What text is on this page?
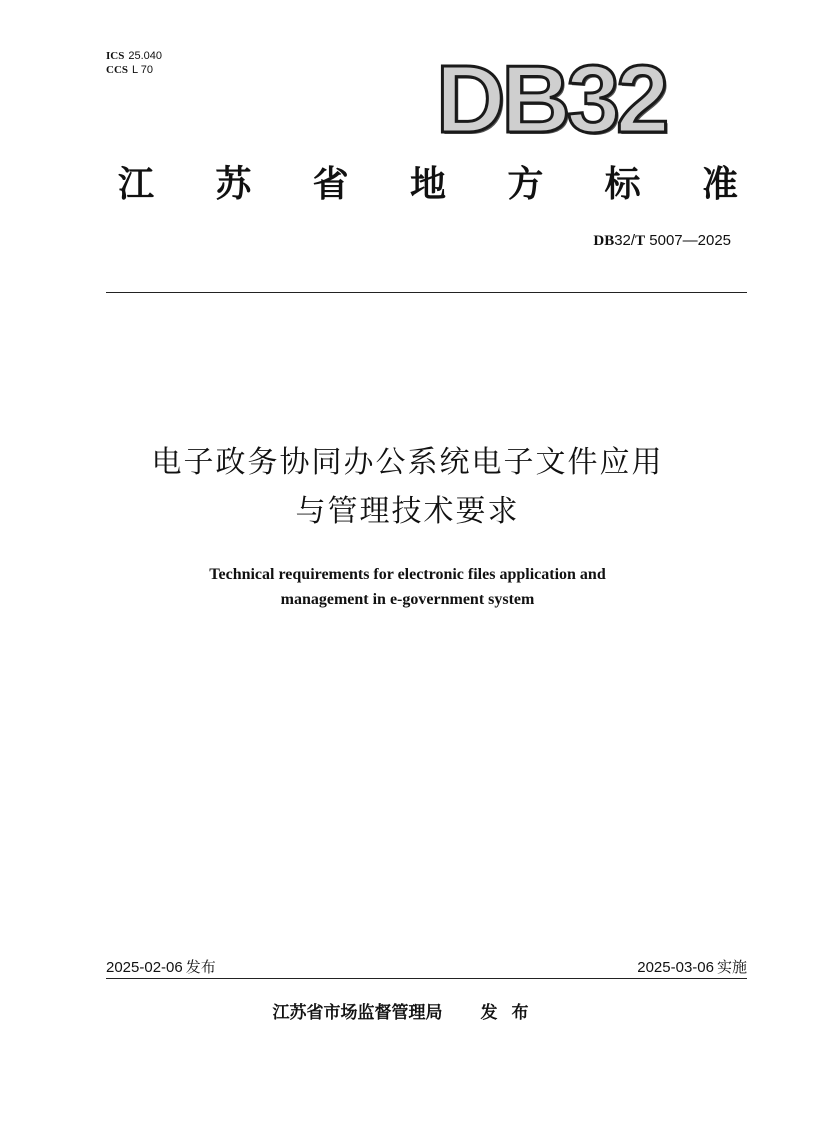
ICS 25.040
CCS L 70	DB32
江 苏 省 地 方 标 准
DB32/T 5007—2025
电子政务协同办公系统电子文件应用
与管理技术要求
Technical requirements for electronic files application and
management in e-government system
2025-02-06 发布	2025-03-06 实施
江苏省市场监督管理局 发布
